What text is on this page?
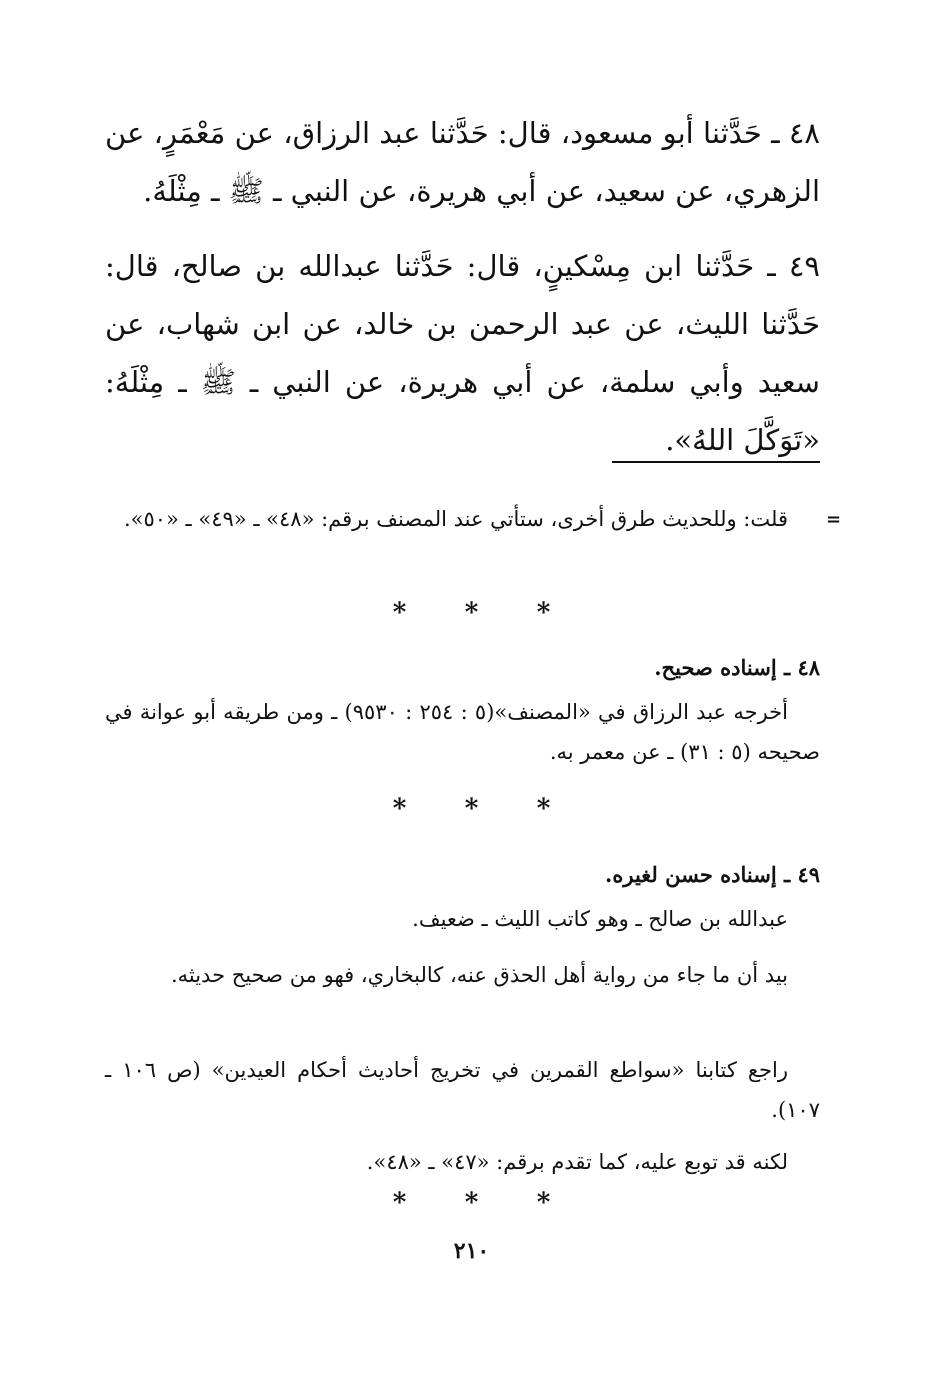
٤٨ ـ حَدَّثنا أبو مسعود، قال: حَدَّثنا عبد الرزاق، عن مَعْمَرٍ، عن الزهري، عن سعيد، عن أبي هريرة، عن النبي ـ ﷺ ـ مِثْلَهُ.

٤٩ ـ حَدَّثنا ابن مِسْكينٍ، قال: حَدَّثنا عبدالله بن صالح، قال: حَدَّثنا الليث، عن عبد الرحمن بن خالد، عن ابن شهاب، عن سعيد وأبي سلمة، عن أبي هريرة، عن النبي ـ ﷺ ـ مِثْلَهُ: «تَوَكَّلَ اللهُ».

=

قلت: وللحديث طرق أخرى، ستأتي عند المصنف برقم: «٤٨» ـ «٤٩» ـ «٥٠».

* * *

٤٨ ـ إسناده صحيح.

أخرجه عبد الرزاق في «المصنف»(٥ : ٢٥٤ : ٩٥٣٠) ـ ومن طريقه أبو عوانة في صحيحه (٥ : ٣١) ـ عن معمر به.

* * *

٤٩ ـ إسناده حسن لغيره.

عبدالله بن صالح ـ وهو كاتب الليث ـ ضعيف.

بيد أن ما جاء من رواية أهل الحذق عنه، كالبخاري، فهو من صحيح حديثه.

راجع كتابنا «سواطع القمرين في تخريج أحاديث أحكام العيدين» (ص ١٠٦ ـ ١٠٧).

لكنه قد توبع عليه، كما تقدم برقم: «٤٧» ـ «٤٨».

* * *
٢١٠
